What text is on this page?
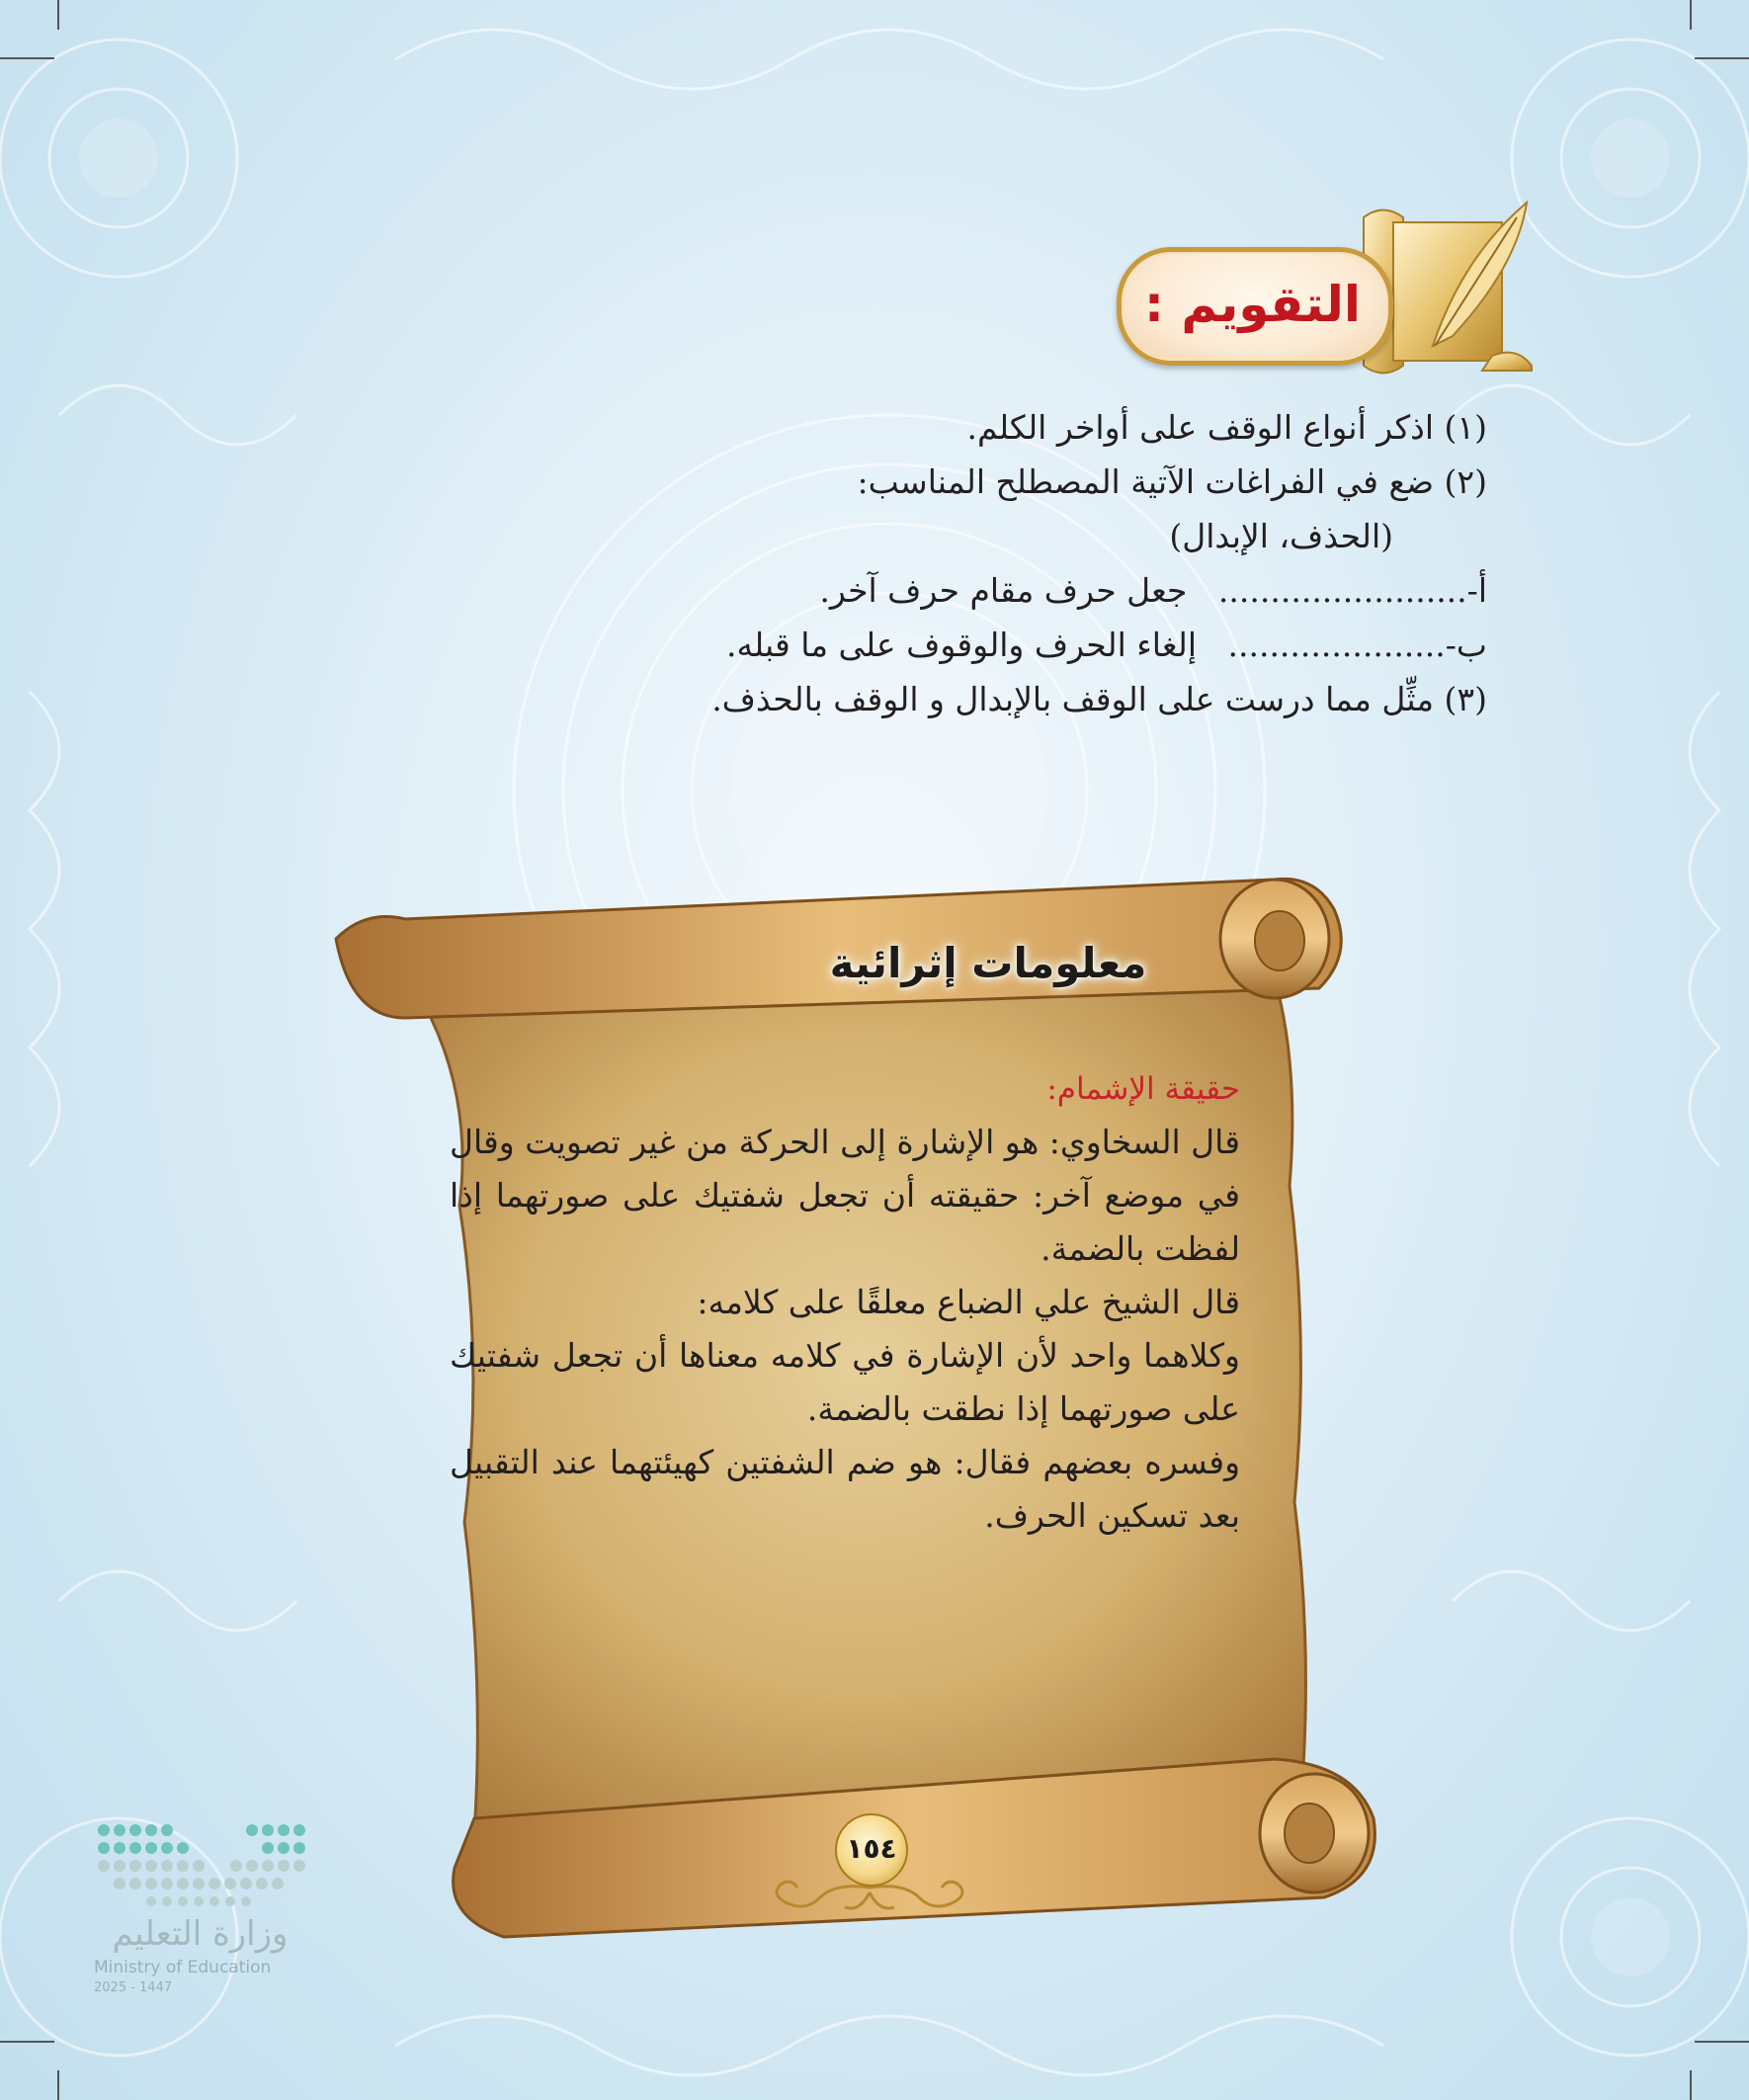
التقويم :
(١) اذكر أنواع الوقف على أواخر الكلم.
(٢) ضع في الفراغات الآتية المصطلح المناسب:
(الحذف، الإبدال)
أ-........................   جعل حرف مقام حرف آخر.
ب-.....................   إلغاء الحرف والوقوف على ما قبله.
(٣) مثِّل مما درست على الوقف بالإبدال و الوقف بالحذف.
معلومات إثرائية

حقيقة الإشمام:

قال السخاوي: هو الإشارة إلى الحركة من غير تصويت وقال في موضع آخر: حقيقته أن تجعل شفتيك على صورتهما إذا لفظت بالضمة.

قال الشيخ علي الضباع معلقًا على كلامه:

وكلاهما واحد لأن الإشارة في كلامه معناها أن تجعل شفتيك على صورتهما إذا نطقت بالضمة.

وفسره بعضهم فقال: هو ضم الشفتين كهيئتهما عند التقبيل بعد تسكين الحرف.

١٥٤
وزارة التعليم
Ministry of Education
2025 - 1447
